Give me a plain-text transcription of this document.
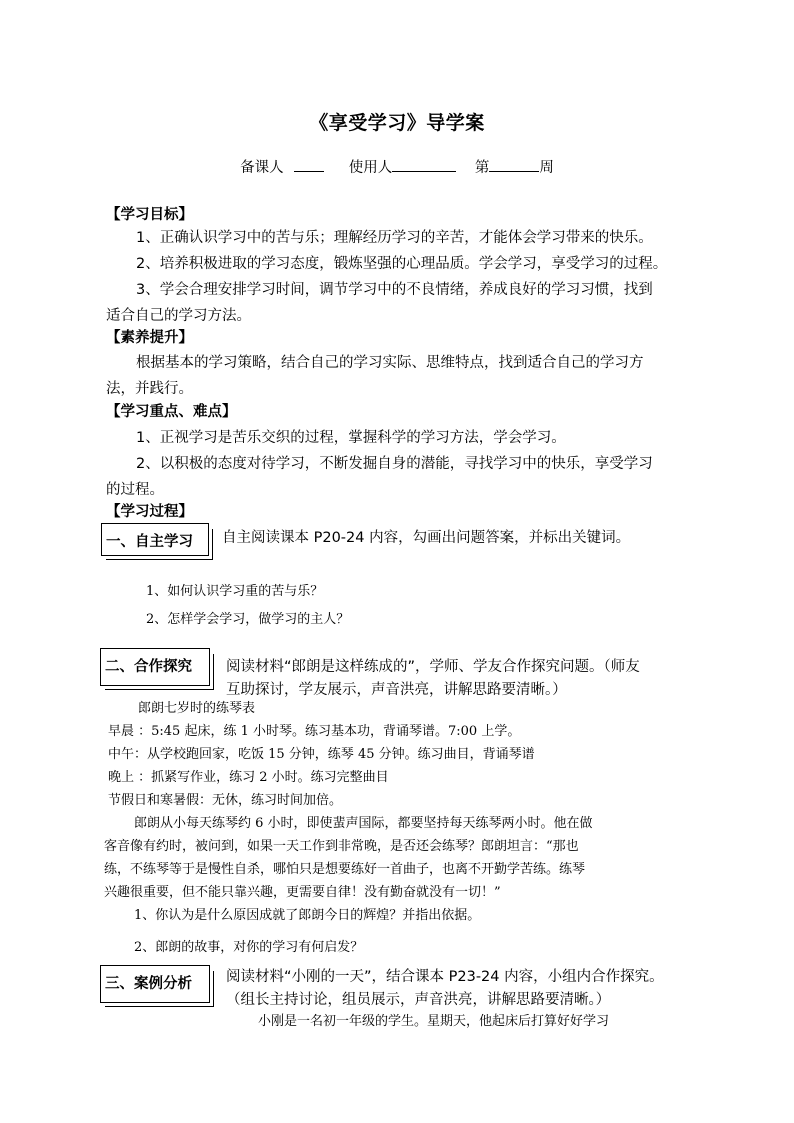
《享受学习》导学案
备课人	使用人	第	周
【学习目标】
1、正确认识学习中的苦与乐；理解经历学习的辛苦，才能体会学习带来的快乐。
2、培养积极进取的学习态度，锻炼坚强的心理品质。学会学习，享受学习的过程。
3、学会合理安排学习时间，调节学习中的不良情绪，养成良好的学习习惯，找到
适合自己的学习方法。
【素养提升】
根据基本的学习策略，结合自己的学习实际、思维特点，找到适合自己的学习方
法，并践行。
【学习重点、难点】
1、正视学习是苦乐交织的过程，掌握科学的学习方法，学会学习。
2、以积极的态度对待学习，不断发掘自身的潜能，寻找学习中的快乐，享受学习
的过程。
【学习过程】
一、自主学习 自主阅读课本 P20-24 内容，勾画出问题答案，并标出关键词。
1、如何认识学习重的苦与乐？
2、怎样学会学习，做学习的主人？
二、合作探究 阅读材料“郎朗是这样练成的”，学师、学友合作探究问题。（师友
互助探讨，学友展示，声音洪亮，讲解思路要清晰。）
郎朗七岁时的练琴表
早晨 ：5:45 起床，练 1 小时琴。练习基本功，背诵琴谱。7:00 上学。
中午：从学校跑回家，吃饭 15 分钟，练琴 45 分钟。练习曲目，背诵琴谱
晚上 ：抓紧写作业，练习 2 小时。练习完整曲目
节假日和寒暑假：无休，练习时间加倍。
郎朗从小每天练琴约 6 小时，即使蜚声国际，都要坚持每天练琴两小时。他在做
客音像有约时，被问到，如果一天工作到非常晚，是否还会练琴？郎朗坦言：“那也
练，不练琴等于是慢性自杀，哪怕只是想要练好一首曲子，也离不开勤学苦练。练琴
兴趣很重要，但不能只靠兴趣，更需要自律！没有勤奋就没有一切！”
1、你认为是什么原因成就了郎朗今日的辉煌？并指出依据。
2、郎朗的故事，对你的学习有何启发？
三、案例分析 阅读材料“小刚的一天”，结合课本 P23-24 内容，小组内合作探究。
（组长主持讨论，组员展示，声音洪亮，讲解思路要清晰。）
小刚是一名初一年级的学生。星期天，他起床后打算好好学习
